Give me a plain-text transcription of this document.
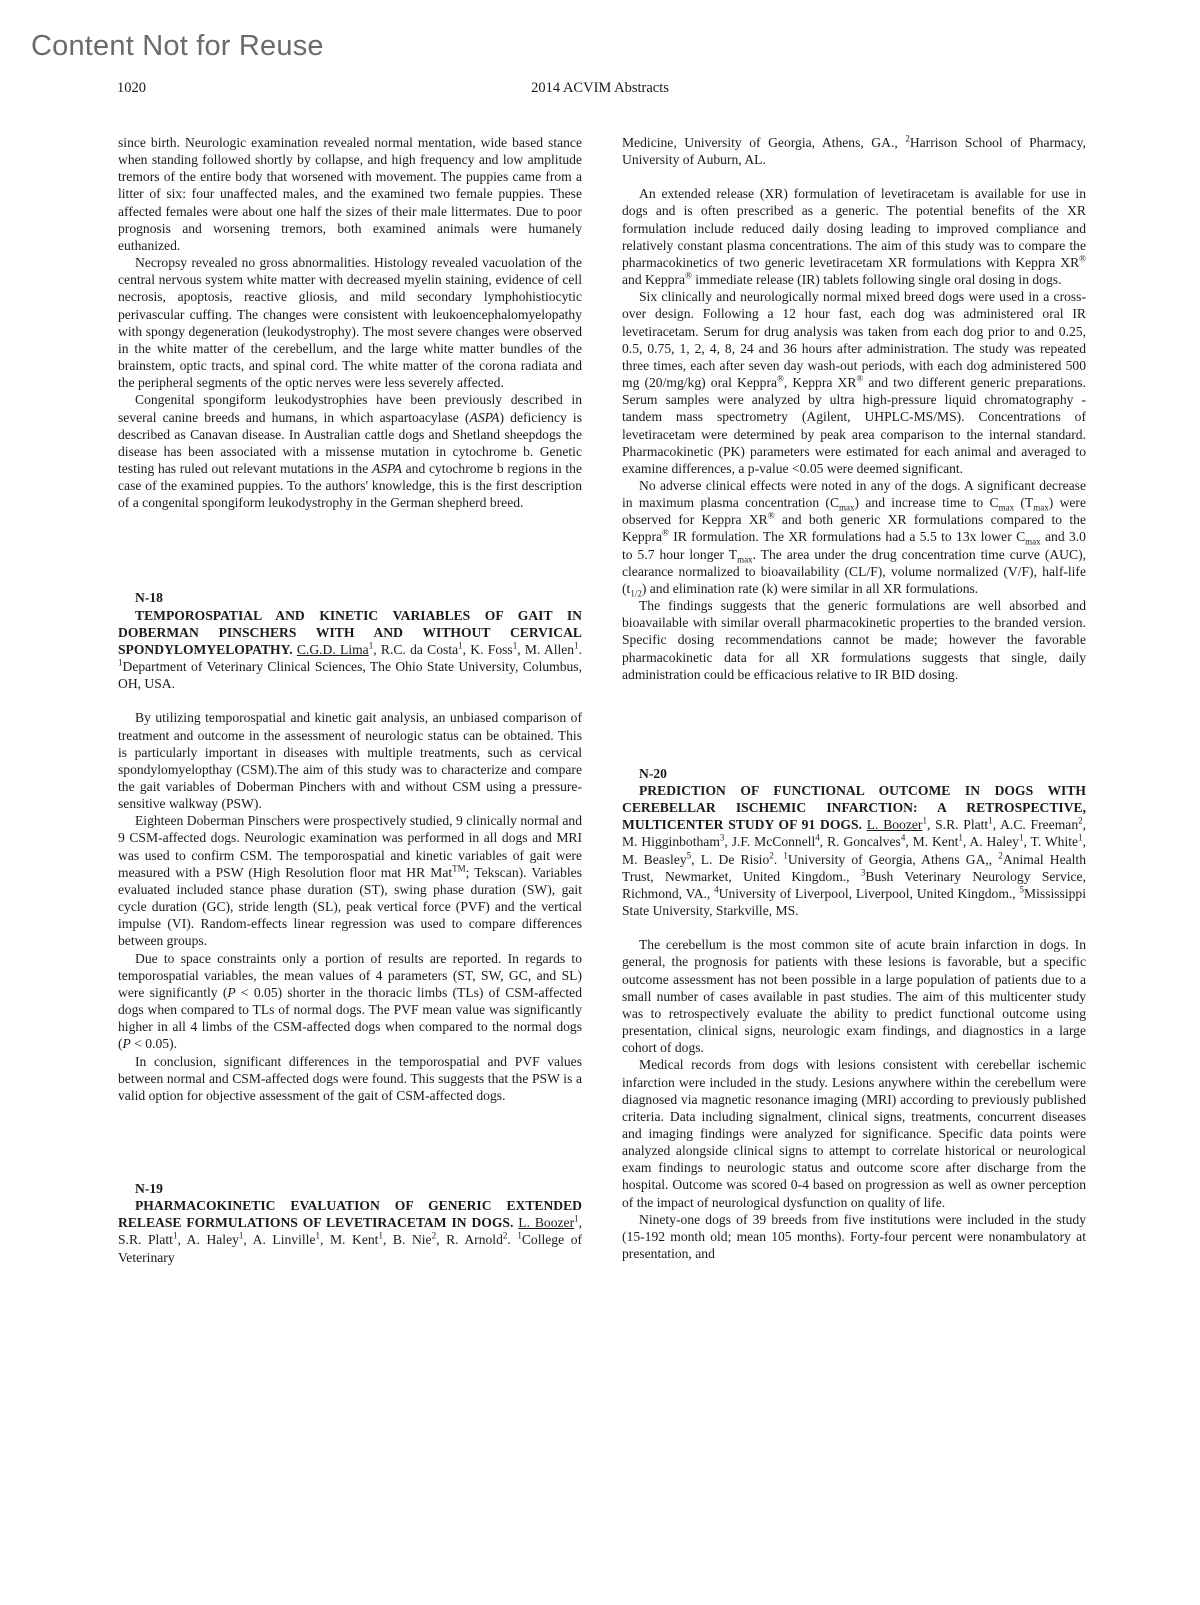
Content Not for Reuse
1020	2014 ACVIM Abstracts

since birth. Neurologic examination revealed normal mentation, wide based stance when standing followed shortly by collapse, and high frequency and low amplitude tremors of the entire body that worsened with movement. The puppies came from a litter of six: four unaffected males, and the examined two female puppies. These affected females were about one half the sizes of their male littermates. Due to poor prognosis and worsening tremors, both examined animals were humanely euthanized.

Necropsy revealed no gross abnormalities. Histology revealed vacuolation of the central nervous system white matter with decreased myelin staining, evidence of cell necrosis, apoptosis, reactive gliosis, and mild secondary lymphohistiocytic perivascular cuffing. The changes were consistent with leukoencephalomyelopathy with spongy degeneration (leukodystrophy). The most severe changes were observed in the white matter of the cerebellum, and the large white matter bundles of the brainstem, optic tracts, and spinal cord. The white matter of the corona radiata and the peripheral segments of the optic nerves were less severely affected.

Congenital spongiform leukodystrophies have been previously described in several canine breeds and humans, in which aspartoacylase (ASPA) deficiency is described as Canavan disease. In Australian cattle dogs and Shetland sheepdogs the disease has been associated with a missense mutation in cytochrome b. Genetic testing has ruled out relevant mutations in the ASPA and cytochrome b regions in the case of the examined puppies. To the authors' knowledge, this is the first description of a congenital spongiform leukodystrophy in the German shepherd breed.

N-18

TEMPOROSPATIAL AND KINETIC VARIABLES OF GAIT IN DOBERMAN PINSCHERS WITH AND WITHOUT CERVICAL SPONDYLOMYELOPATHY. C.G.D. Lima$^1$, R.C. da Costa$^1$, K. Foss$^1$, M. Allen$^1$. $^1$Department of Veterinary Clinical Sciences, The Ohio State University, Columbus, OH, USA.

By utilizing temporospatial and kinetic gait analysis, an unbiased comparison of treatment and outcome in the assessment of neurologic status can be obtained. This is particularly important in diseases with multiple treatments, such as cervical spondylomyelopthay (CSM).The aim of this study was to characterize and compare the gait variables of Doberman Pinchers with and without CSM using a pressure-sensitive walkway (PSW).

Eighteen Doberman Pinschers were prospectively studied, 9 clinically normal and 9 CSM-affected dogs. Neurologic examination was performed in all dogs and MRI was used to confirm CSM. The temporospatial and kinetic variables of gait were measured with a PSW (High Resolution floor mat HR Mat™; Tekscan). Variables evaluated included stance phase duration (ST), swing phase duration (SW), gait cycle duration (GC), stride length (SL), peak vertical force (PVF) and the vertical impulse (VI). Random-effects linear regression was used to compare differences between groups.

Due to space constraints only a portion of results are reported. In regards to temporospatial variables, the mean values of 4 parameters (ST, SW, GC, and SL) were significantly (P < 0.05) shorter in the thoracic limbs (TLs) of CSM-affected dogs when compared to TLs of normal dogs. The PVF mean value was significantly higher in all 4 limbs of the CSM-affected dogs when compared to the normal dogs (P < 0.05).

In conclusion, significant differences in the temporospatial and PVF values between normal and CSM-affected dogs were found. This suggests that the PSW is a valid option for objective assessment of the gait of CSM-affected dogs.

N-19

PHARMACOKINETIC EVALUATION OF GENERIC EXTENDED RELEASE FORMULATIONS OF LEVETIRACETAM IN DOGS. L. Boozer$^1$, S.R. Platt$^1$, A. Haley$^1$, A. Linville$^1$, M. Kent$^1$, B. Nie$^2$, R. Arnold$^2$. $^1$College of Veterinary

Medicine, University of Georgia, Athens, GA., $^2$Harrison School of Pharmacy, University of Auburn, AL.

An extended release (XR) formulation of levetiracetam is available for use in dogs and is often prescribed as a generic. The potential benefits of the XR formulation include reduced daily dosing leading to improved compliance and relatively constant plasma concentrations. The aim of this study was to compare the pharmacokinetics of two generic levetiracetam XR formulations with Keppra XR® and Keppra® immediate release (IR) tablets following single oral dosing in dogs.

Six clinically and neurologically normal mixed breed dogs were used in a cross-over design. Following a 12 hour fast, each dog was administered oral IR levetiracetam. Serum for drug analysis was taken from each dog prior to and 0.25, 0.5, 0.75, 1, 2, 4, 8, 24 and 36 hours after administration. The study was repeated three times, each after seven day wash-out periods, with each dog administered 500 mg (20/mg/kg) oral Keppra®, Keppra XR® and two different generic preparations. Serum samples were analyzed by ultra high-pressure liquid chromatography - tandem mass spectrometry (Agilent, UHPLC-MS/MS). Concentrations of levetiracetam were determined by peak area comparison to the internal standard. Pharmacokinetic (PK) parameters were estimated for each animal and averaged to examine differences, a p-value <0.05 were deemed significant.

No adverse clinical effects were noted in any of the dogs. A significant decrease in maximum plasma concentration $(C_{max})$ and increase time to $C_{max}$ $(T_{max})$ were observed for Keppra XR® and both generic XR formulations compared to the Keppra® IR formulation. The XR formulations had a 5.5 to 13x lower $C_{max}$ and 3.0 to 5.7 hour longer $T_{max}$. The area under the drug concentration time curve (AUC), clearance normalized to bioavailability (CL/F), volume normalized (V/F), half-life $(t_{1/2})$ and elimination rate (k) were similar in all XR formulations.

The findings suggests that the generic formulations are well absorbed and bioavailable with similar overall pharmacokinetic properties to the branded version. Specific dosing recommendations cannot be made; however the favorable pharmacokinetic data for all XR formulations suggests that single, daily administration could be efficacious relative to IR BID dosing.

N-20

PREDICTION OF FUNCTIONAL OUTCOME IN DOGS WITH CEREBELLAR ISCHEMIC INFARCTION: A RETROSPECTIVE, MULTICENTER STUDY OF 91 DOGS. L. Boozer$^1$, S.R. Platt$^1$, A.C. Freeman$^2$, M. Higginbotham$^3$, J.F. McConnell$^4$, R. Goncalves$^4$, M. Kent$^1$, A. Haley$^1$, T. White$^1$, M. Beasley$^5$, L. De Risio$^2$. $^1$University of Georgia, Athens GA,, $^2$Animal Health Trust, Newmarket, United Kingdom., $^3$Bush Veterinary Neurology Service, Richmond, VA., $^4$University of Liverpool, Liverpool, United Kingdom., $^5$Mississippi State University, Starkville, MS.

The cerebellum is the most common site of acute brain infarction in dogs. In general, the prognosis for patients with these lesions is favorable, but a specific outcome assessment has not been possible in a large population of patients due to a small number of cases available in past studies. The aim of this multicenter study was to retrospectively evaluate the ability to predict functional outcome using presentation, clinical signs, neurologic exam findings, and diagnostics in a large cohort of dogs.

Medical records from dogs with lesions consistent with cerebellar ischemic infarction were included in the study. Lesions anywhere within the cerebellum were diagnosed via magnetic resonance imaging (MRI) according to previously published criteria. Data including signalment, clinical signs, treatments, concurrent diseases and imaging findings were analyzed for significance. Specific data points were analyzed alongside clinical signs to attempt to correlate historical or neurological exam findings to neurologic status and outcome score after discharge from the hospital. Outcome was scored 0-4 based on progression as well as owner perception of the impact of neurological dysfunction on quality of life.

Ninety-one dogs of 39 breeds from five institutions were included in the study (15-192 month old; mean 105 months). Forty-four percent were nonambulatory at presentation, and
